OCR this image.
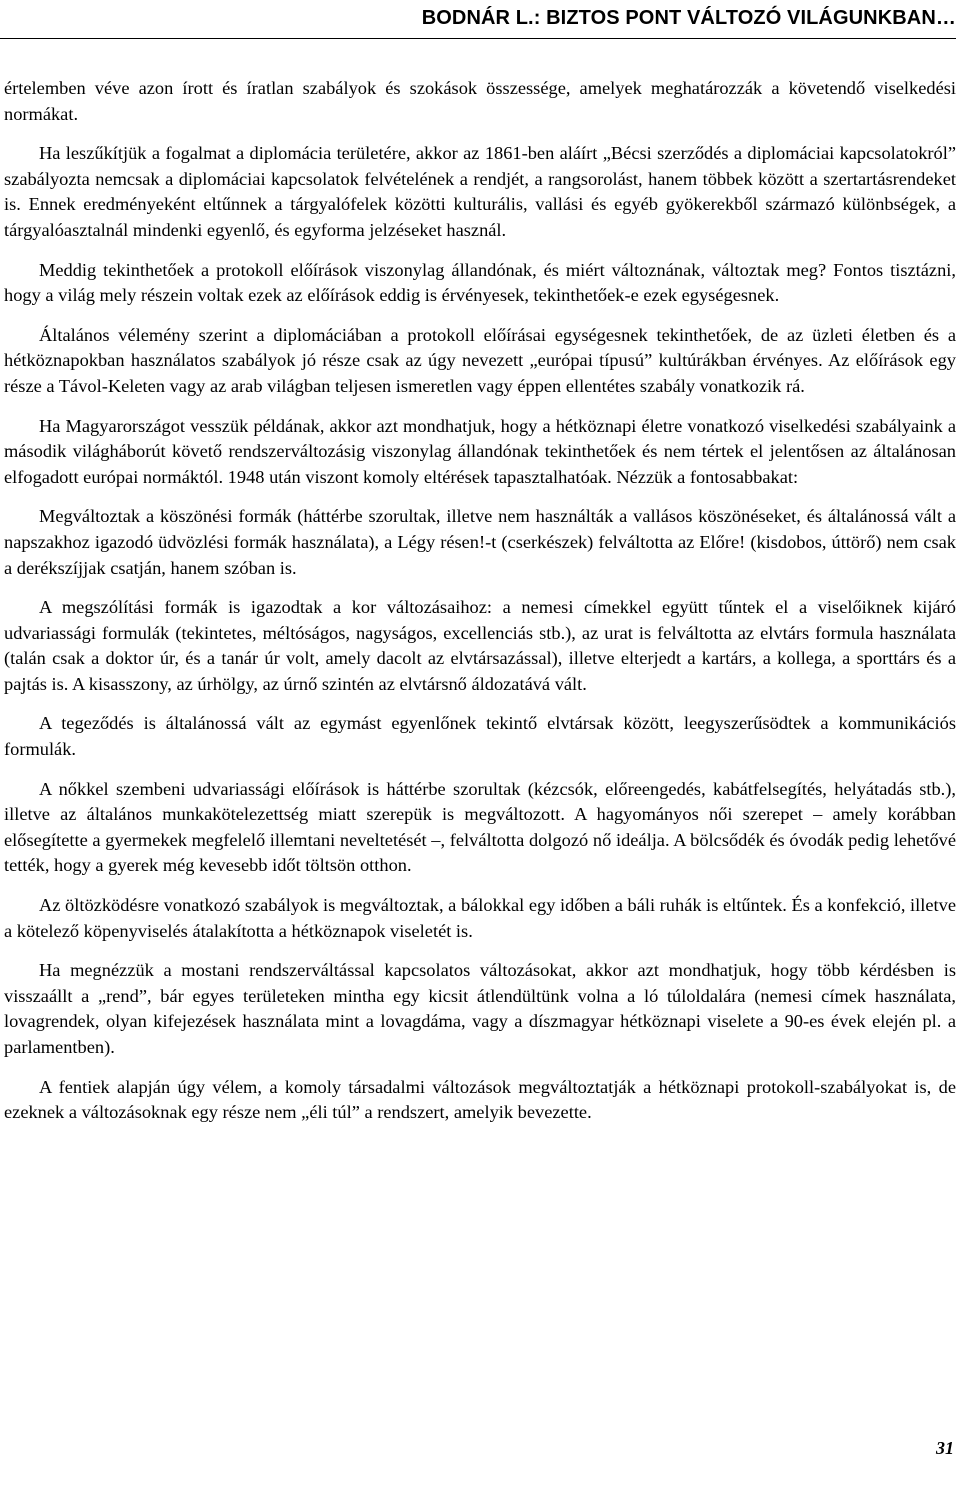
BODNÁR L.: BIZTOS PONT VÁLTOZÓ VILÁGUNKBAN…

értelemben véve azon írott és íratlan szabályok és szokások összessége, amelyek meghatározzák a követendő viselkedési normákat.

Ha leszűkítjük a fogalmat a diplomácia területére, akkor az 1861-ben aláírt „Bécsi szerződés a diplomáciai kapcsolatokról” szabályozta nemcsak a diplomáciai kapcsolatok felvételének a rendjét, a rangsorolást, hanem többek között a szertartásrendeket is. Ennek eredményeként eltűnnek a tárgyalófelek közötti kulturális, vallási és egyéb gyökerekből származó különbségek, a tárgyalóasztalnál mindenki egyenlő, és egyforma jelzéseket használ.

Meddig tekinthetőek a protokoll előírások viszonylag állandónak, és miért változnának, változtak meg? Fontos tisztázni, hogy a világ mely részein voltak ezek az előírások eddig is érvényesek, tekinthetőek-e ezek egységesnek.

Általános vélemény szerint a diplomáciában a protokoll előírásai egységesnek tekinthetőek, de az üzleti életben és a hétköznapokban használatos szabályok jó része csak az úgy nevezett „európai típusú” kultúrákban érvényes. Az előírások egy része a Távol-Keleten vagy az arab világban teljesen ismeretlen vagy éppen ellentétes szabály vonatkozik rá.

Ha Magyarországot vesszük példának, akkor azt mondhatjuk, hogy a hétköznapi életre vonatkozó viselkedési szabályaink a második világháborút követő rendszerváltozásig viszonylag állandónak tekinthetőek és nem tértek el jelentősen az általánosan elfogadott európai normáktól. 1948 után viszont komoly eltérések tapasztalhatóak. Nézzük a fontosabbakat:

Megváltoztak a köszönési formák (háttérbe szorultak, illetve nem használták a vallásos köszönéseket, és általánossá vált a napszakhoz igazodó üdvözlési formák használata), a Légy résen!-t (cserkészek) felváltotta az Előre! (kisdobos, úttörő) nem csak a derékszíjjak csatján, hanem szóban is.

A megszólítási formák is igazodtak a kor változásaihoz: a nemesi címekkel együtt tűntek el a viselőiknek kijáró udvariassági formulák (tekintetes, méltóságos, nagyságos, excellenciás stb.), az urat is felváltotta az elvtárs formula használata (talán csak a doktor úr, és a tanár úr volt, amely dacolt az elvtársazással), illetve elterjedt a kartárs, a kollega, a sporttárs és a pajtás is. A kisasszony, az úrhölgy, az úrnő szintén az elvtársnő áldozatává vált.

A tegeződés is általánossá vált az egymást egyenlőnek tekintő elvtársak között, leegyszerűsödtek a kommunikációs formulák.

A nőkkel szembeni udvariassági előírások is háttérbe szorultak (kézcsók, előreengedés, kabátfelsegítés, helyátadás stb.), illetve az általános munkakötelezettség miatt szerepük is megváltozott. A hagyományos női szerepet – amely korábban elősegítette a gyermekek megfelelő illemtani neveltetését –, felváltotta dolgozó nő ideálja. A bölcsődék és óvodák pedig lehetővé tették, hogy a gyerek még kevesebb időt töltsön otthon.

Az öltözködésre vonatkozó szabályok is megváltoztak, a bálokkal egy időben a báli ruhák is eltűntek. És a konfekció, illetve a kötelező köpenyviselés átalakította a hétköznapok viseletét is.

Ha megnézzük a mostani rendszerváltással kapcsolatos változásokat, akkor azt mondhatjuk, hogy több kérdésben is visszaállt a „rend”, bár egyes területeken mintha egy kicsit átlendültünk volna a ló túloldalára (nemesi címek használata, lovagrendek, olyan kifejezések használata mint a lovagdáma, vagy a díszmagyar hétköznapi viselete a 90-es évek elején pl. a parlamentben).

A fentiek alapján úgy vélem, a komoly társadalmi változások megváltoztatják a hétköznapi protokoll-szabályokat is, de ezeknek a változásoknak egy része nem „éli túl” a rendszert, amelyik bevezette.

31
